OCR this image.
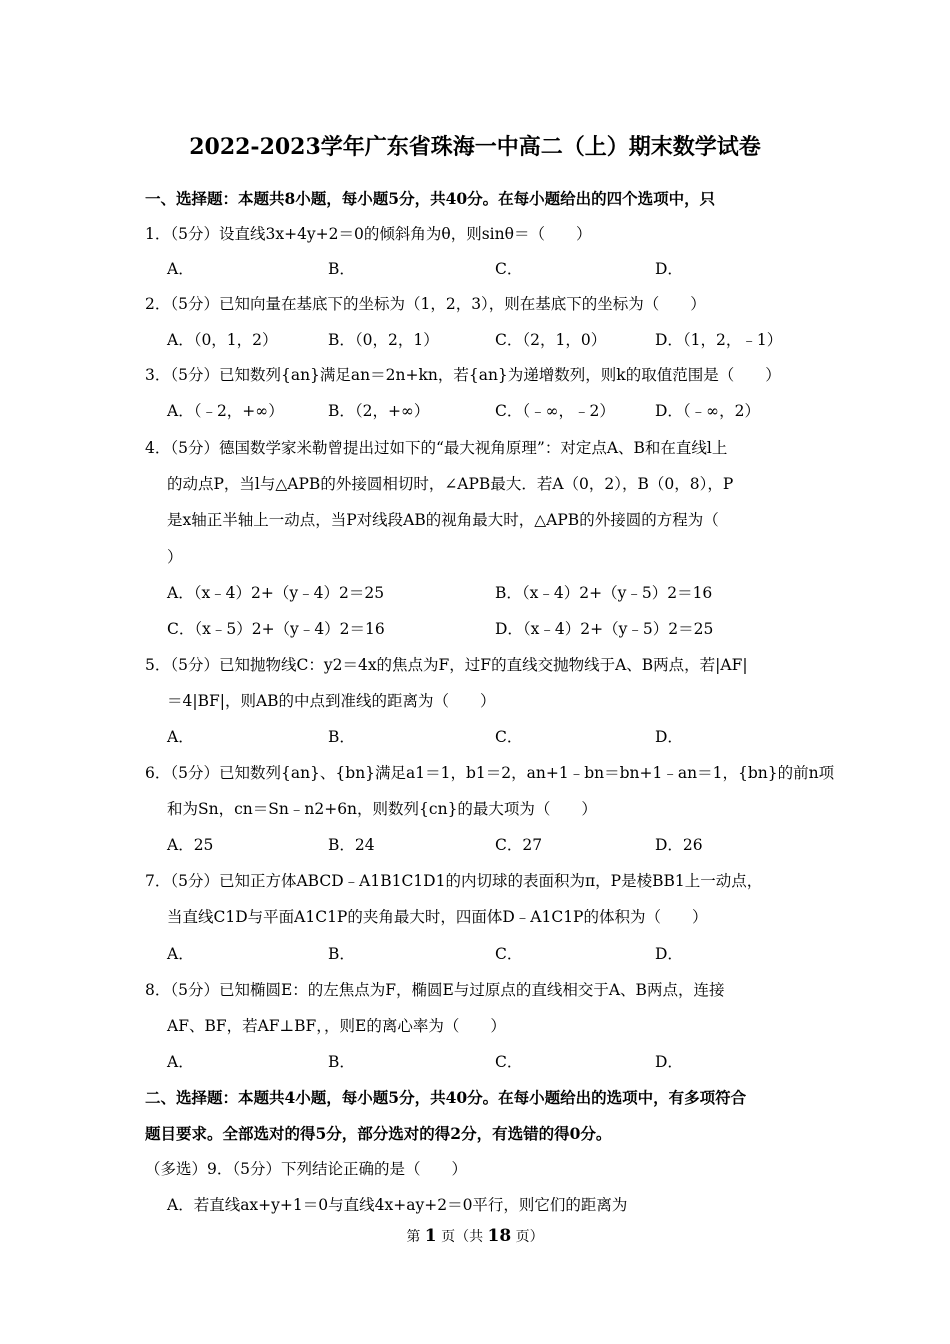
2022-2023学年广东省珠海一中高二（上）期末数学试卷
一、选择题：本题共8小题，每小题5分，共40分。在每小题给出的四个选项中，只
1．（5分）设直线3x+4y+2＝0的倾斜角为θ，则sinθ＝（　　）
A．	B．	C．	D．
2．（5分）已知向量在基底下的坐标为（1，2，3），则在基底下的坐标为（　　）
A．（0，1，2）	B．（0，2，1）	C．（2，1，0）	D．（1，2，﹣1）
3．（5分）已知数列{an}满足an＝2n+kn，若{an}为递增数列，则k的取值范围是（　　）
A．（﹣2，+∞）	B．（2，+∞）	C．（﹣∞，﹣2）	D．（﹣∞，2）
4．（5分）德国数学家米勒曾提出过如下的“最大视角原理”：对定点A、B和在直线l上
的动点P，当l与△APB的外接圆相切时，∠APB最大．若A（0，2），B（0，8），P
是x轴正半轴上一动点，当P对线段AB的视角最大时，△APB的外接圆的方程为（
）
A．（x﹣4）2+（y﹣4）2＝25	B．（x﹣4）2+（y﹣5）2＝16
C．（x﹣5）2+（y﹣4）2＝16	D．（x﹣4）2+（y﹣5）2＝25
5．（5分）已知抛物线C：y2＝4x的焦点为F，过F的直线交抛物线于A、B两点，若|AF|
＝4|BF|，则AB的中点到准线的距离为（　　）
A．	B．	C．	D．
6．（5分）已知数列{an}、{bn}满足a1＝1，b1＝2，an+1﹣bn＝bn+1﹣an＝1，{bn}的前n项
和为Sn，cn＝Sn﹣n2+6n，则数列{cn}的最大项为（　　）
A．25	B．24	C．27	D．26
7．（5分）已知正方体ABCD﹣A1B1C1D1的内切球的表面积为π，P是棱BB1上一动点，
当直线C1D与平面A1C1P的夹角最大时，四面体D﹣A1C1P的体积为（　　）
A．	B．	C．	D．
8．（5分）已知椭圆E：的左焦点为F，椭圆E与过原点的直线相交于A、B两点，连接
AF、BF，若AF⊥BF，，则E的离心率为（　　）
A．	B．	C．	D．
二、选择题：本题共4小题，每小题5分，共40分。在每小题给出的选项中，有多项符合
题目要求。全部选对的得5分，部分选对的得2分，有选错的得0分。
（多选）9．（5分）下列结论正确的是（　　）
A．若直线ax+y+1＝0与直线4x+ay+2＝0平行，则它们的距离为
第 1 页（共 18 页）
